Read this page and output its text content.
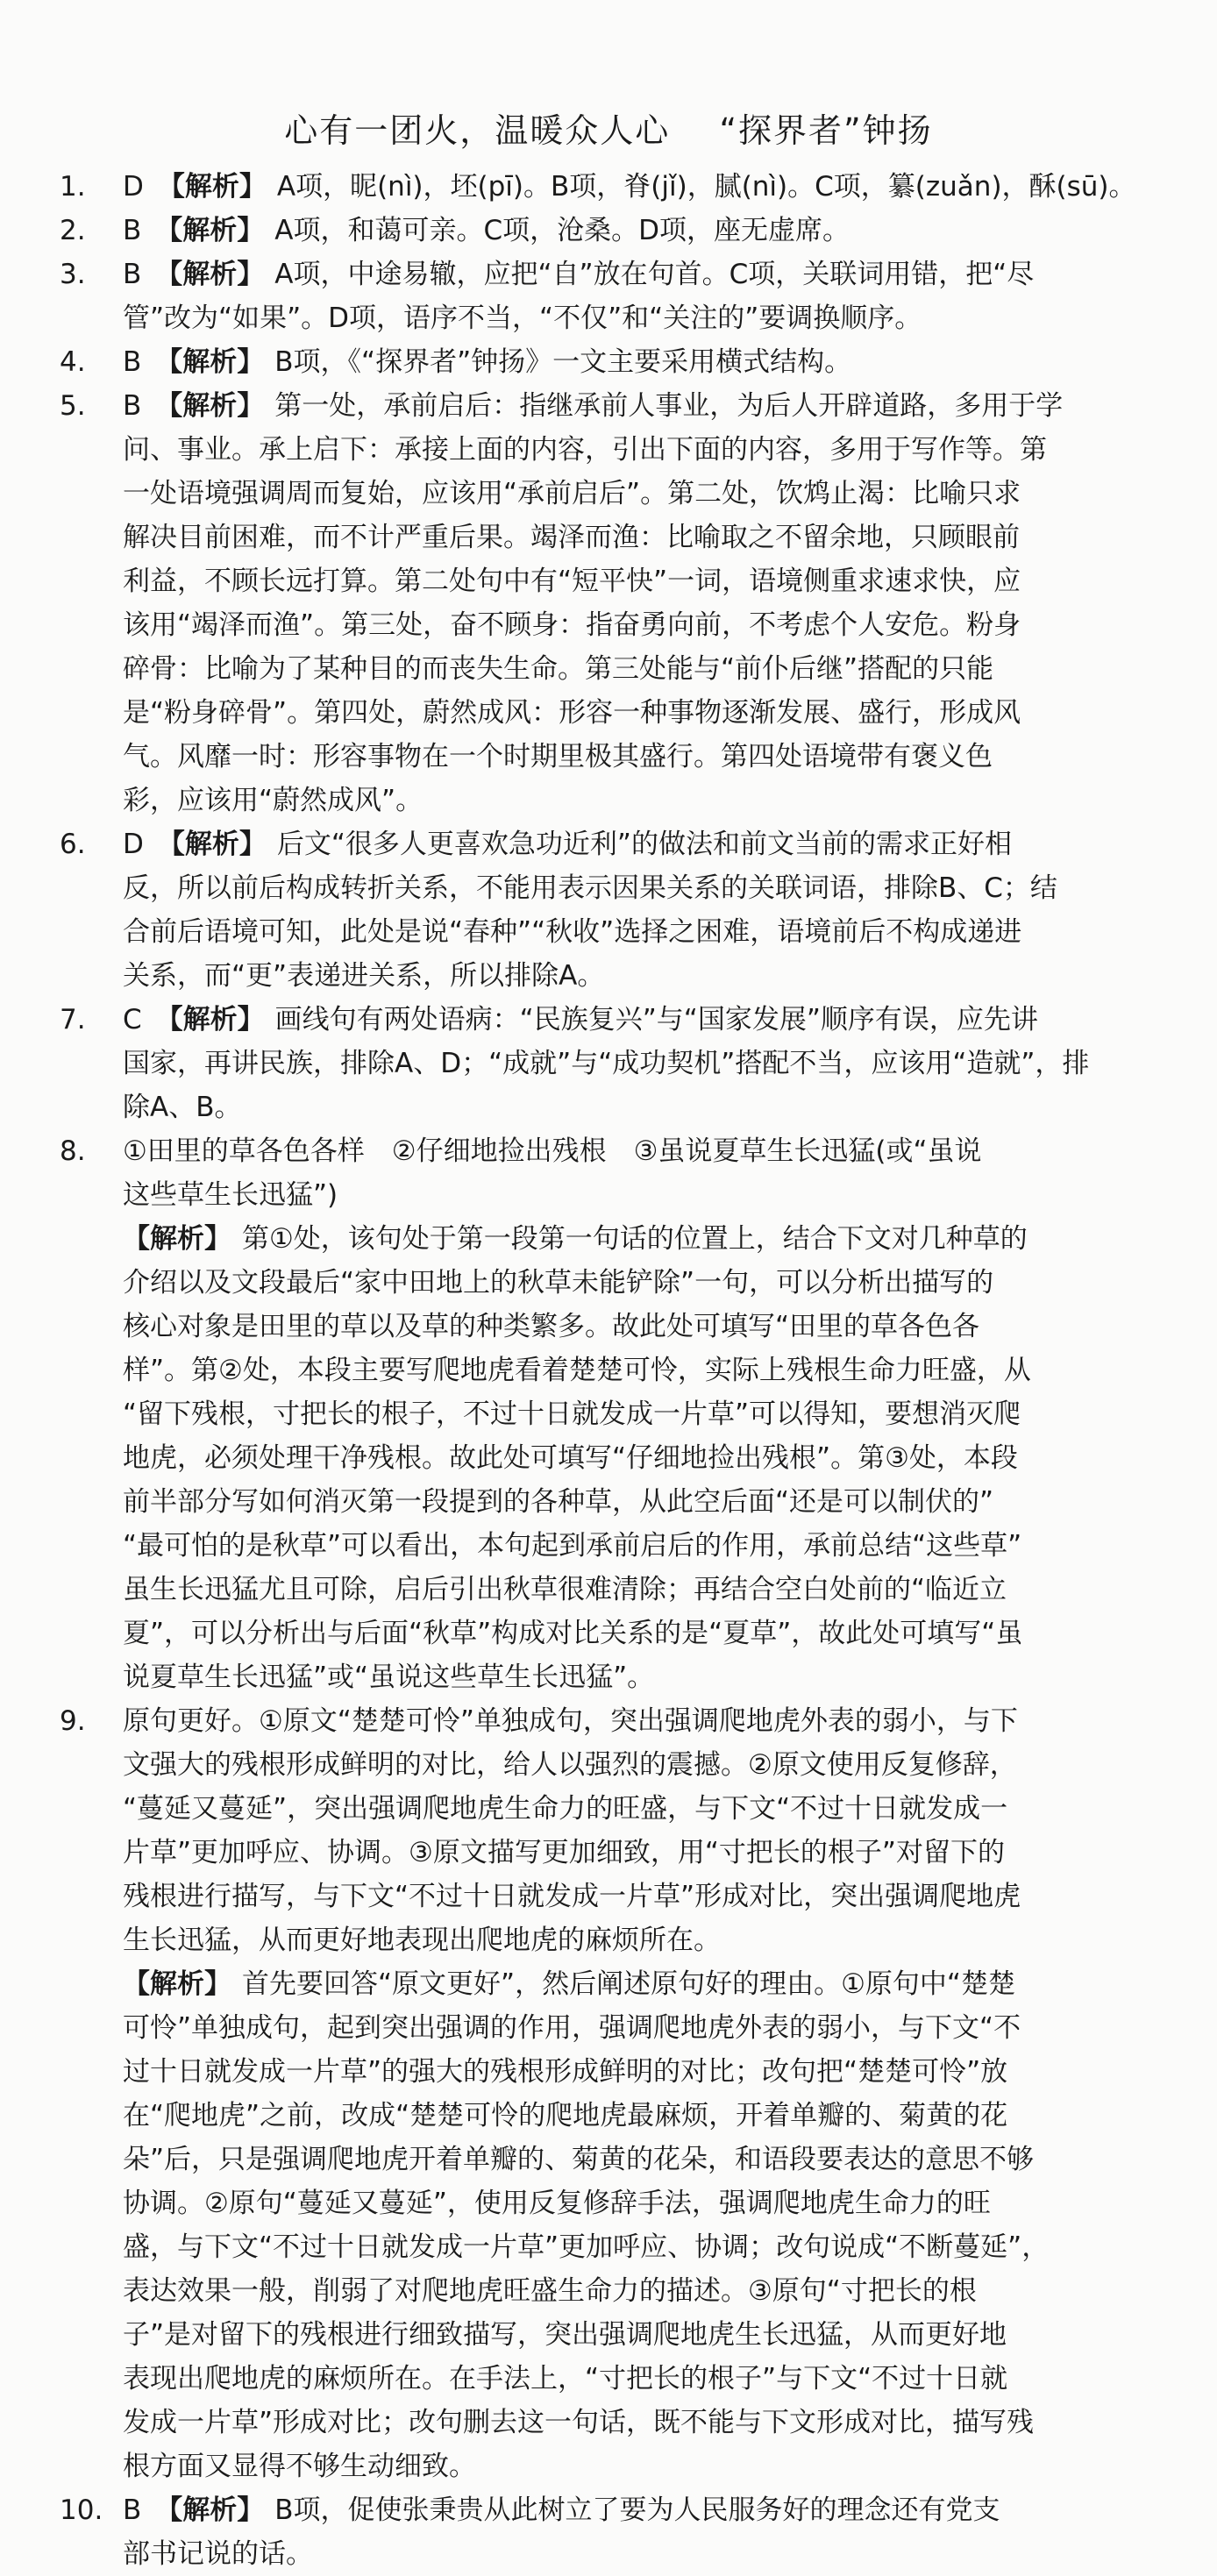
心有一团火，温暖众人心 “探界者”钟扬
1.	D 【解析】 A项，昵(nì)，坯(pī)。B项，脊(jǐ)，腻(nì)。C项，纂(zuǎn)，酥(sū)。
2.	B 【解析】 A项，和蔼可亲。C项，沧桑。D项，座无虚席。
3.	B 【解析】 A项，中途易辙，应把“自”放在句首。C项，关联词用错，把“尽
管”改为“如果”。D项，语序不当，“不仅”和“关注的”要调换顺序。
4.	B 【解析】 B项，《“探界者”钟扬》一文主要采用横式结构。
5.	B 【解析】 第一处，承前启后：指继承前人事业，为后人开辟道路，多用于学
问、事业。承上启下：承接上面的内容，引出下面的内容，多用于写作等。第
一处语境强调周而复始，应该用“承前启后”。第二处，饮鸩止渴：比喻只求
解决目前困难，而不计严重后果。竭泽而渔：比喻取之不留余地，只顾眼前
利益，不顾长远打算。第二处句中有“短平快”一词，语境侧重求速求快，应
该用“竭泽而渔”。第三处，奋不顾身：指奋勇向前，不考虑个人安危。粉身
碎骨：比喻为了某种目的而丧失生命。第三处能与“前仆后继”搭配的只能
是“粉身碎骨”。第四处，蔚然成风：形容一种事物逐渐发展、盛行，形成风
气。风靡一时：形容事物在一个时期里极其盛行。第四处语境带有褒义色
彩，应该用“蔚然成风”。
6.	D 【解析】 后文“很多人更喜欢急功近利”的做法和前文当前的需求正好相
反，所以前后构成转折关系，不能用表示因果关系的关联词语，排除B、C；结
合前后语境可知，此处是说“春种”“秋收”选择之困难，语境前后不构成递进
关系，而“更”表递进关系，所以排除A。
7.	C 【解析】 画线句有两处语病：“民族复兴”与“国家发展”顺序有误，应先讲
国家，再讲民族，排除A、D；“成就”与“成功契机”搭配不当，应该用“造就”，排
除A、B。
8.	①田里的草各色各样　②仔细地捡出残根　③虽说夏草生长迅猛(或“虽说
这些草生长迅猛”)
【解析】 第①处，该句处于第一段第一句话的位置上，结合下文对几种草的
介绍以及文段最后“家中田地上的秋草未能铲除”一句，可以分析出描写的
核心对象是田里的草以及草的种类繁多。故此处可填写“田里的草各色各
样”。第②处，本段主要写爬地虎看着楚楚可怜，实际上残根生命力旺盛，从
“留下残根，寸把长的根子，不过十日就发成一片草”可以得知，要想消灭爬
地虎，必须处理干净残根。故此处可填写“仔细地捡出残根”。第③处，本段
前半部分写如何消灭第一段提到的各种草，从此空后面“还是可以制伏的”
“最可怕的是秋草”可以看出，本句起到承前启后的作用，承前总结“这些草”
虽生长迅猛尤且可除，启后引出秋草很难清除；再结合空白处前的“临近立
夏”，可以分析出与后面“秋草”构成对比关系的是“夏草”，故此处可填写“虽
说夏草生长迅猛”或“虽说这些草生长迅猛”。
9.	原句更好。①原文“楚楚可怜”单独成句，突出强调爬地虎外表的弱小，与下
文强大的残根形成鲜明的对比，给人以强烈的震撼。②原文使用反复修辞，
“蔓延又蔓延”，突出强调爬地虎生命力的旺盛，与下文“不过十日就发成一
片草”更加呼应、协调。③原文描写更加细致，用“寸把长的根子”对留下的
残根进行描写，与下文“不过十日就发成一片草”形成对比，突出强调爬地虎
生长迅猛，从而更好地表现出爬地虎的麻烦所在。
【解析】 首先要回答“原文更好”，然后阐述原句好的理由。①原句中“楚楚
可怜”单独成句，起到突出强调的作用，强调爬地虎外表的弱小，与下文“不
过十日就发成一片草”的强大的残根形成鲜明的对比；改句把“楚楚可怜”放
在“爬地虎”之前，改成“楚楚可怜的爬地虎最麻烦，开着单瓣的、菊黄的花
朵”后，只是强调爬地虎开着单瓣的、菊黄的花朵，和语段要表达的意思不够
协调。②原句“蔓延又蔓延”，使用反复修辞手法，强调爬地虎生命力的旺
盛，与下文“不过十日就发成一片草”更加呼应、协调；改句说成“不断蔓延”，
表达效果一般，削弱了对爬地虎旺盛生命力的描述。③原句“寸把长的根
子”是对留下的残根进行细致描写，突出强调爬地虎生长迅猛，从而更好地
表现出爬地虎的麻烦所在。在手法上，“寸把长的根子”与下文“不过十日就
发成一片草”形成对比；改句删去这一句话，既不能与下文形成对比，描写残
根方面又显得不够生动细致。
10. B 【解析】 B项，促使张秉贵从此树立了要为人民服务好的理念还有党支
部书记说的话。
